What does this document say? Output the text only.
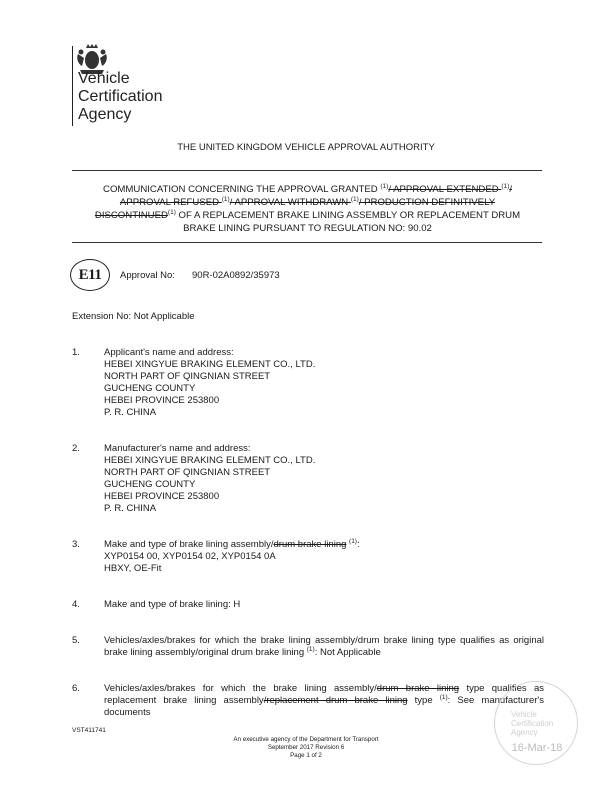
Vehicle
Certification
Agency
THE UNITED KINGDOM VEHICLE APPROVAL AUTHORITY
COMMUNICATION CONCERNING THE APPROVAL GRANTED $^{(1)}$/ APPROVAL EXTENDED $^{(1)}$/ APPROVAL REFUSED $^{(1)}$/ APPROVAL WITHDRAWN $^{(1)}$/ PRODUCTION DEFINITIVELY DISCONTINUED$^{(1)}$ OF A REPLACEMENT BRAKE LINING ASSEMBLY OR REPLACEMENT DRUM BRAKE LINING PURSUANT TO REGULATION NO: 90.02
E11	Approval No: 90R-02A0892/35973
Extension No: Not Applicable
1.	Applicant's name and address:
HEBEI XINGYUE BRAKING ELEMENT CO., LTD.
NORTH PART OF QINGNIAN STREET
GUCHENG COUNTY
HEBEI PROVINCE 253800
P. R. CHINA
2.	Manufacturer's name and address:
HEBEI XINGYUE BRAKING ELEMENT CO., LTD.
NORTH PART OF QINGNIAN STREET
GUCHENG COUNTY
HEBEI PROVINCE 253800
P. R. CHINA
3.	Make and type of brake lining assembly/drum brake lining $^{(1)}$:
XYP0154 00, XYP0154 02, XYP0154 0A
HBXY, OE-Fit
4.	Make and type of brake lining: H
5.	Vehicles/axles/brakes for which the brake lining assembly/drum brake lining type qualifies as original brake lining assembly/original drum brake lining $^{(1)}$: Not Applicable
6.	Vehicles/axles/brakes for which the brake lining assembly/drum brake lining type qualifies as replacement brake lining assembly/replacement drum brake lining type $^{(1)}$: See manufacturer's documents
VST411741
An executive agency of the Department for Transport
September 2017 Revision 6
Page 1 of 2
Vehicle
Certification
Agency
16-Mar-18
